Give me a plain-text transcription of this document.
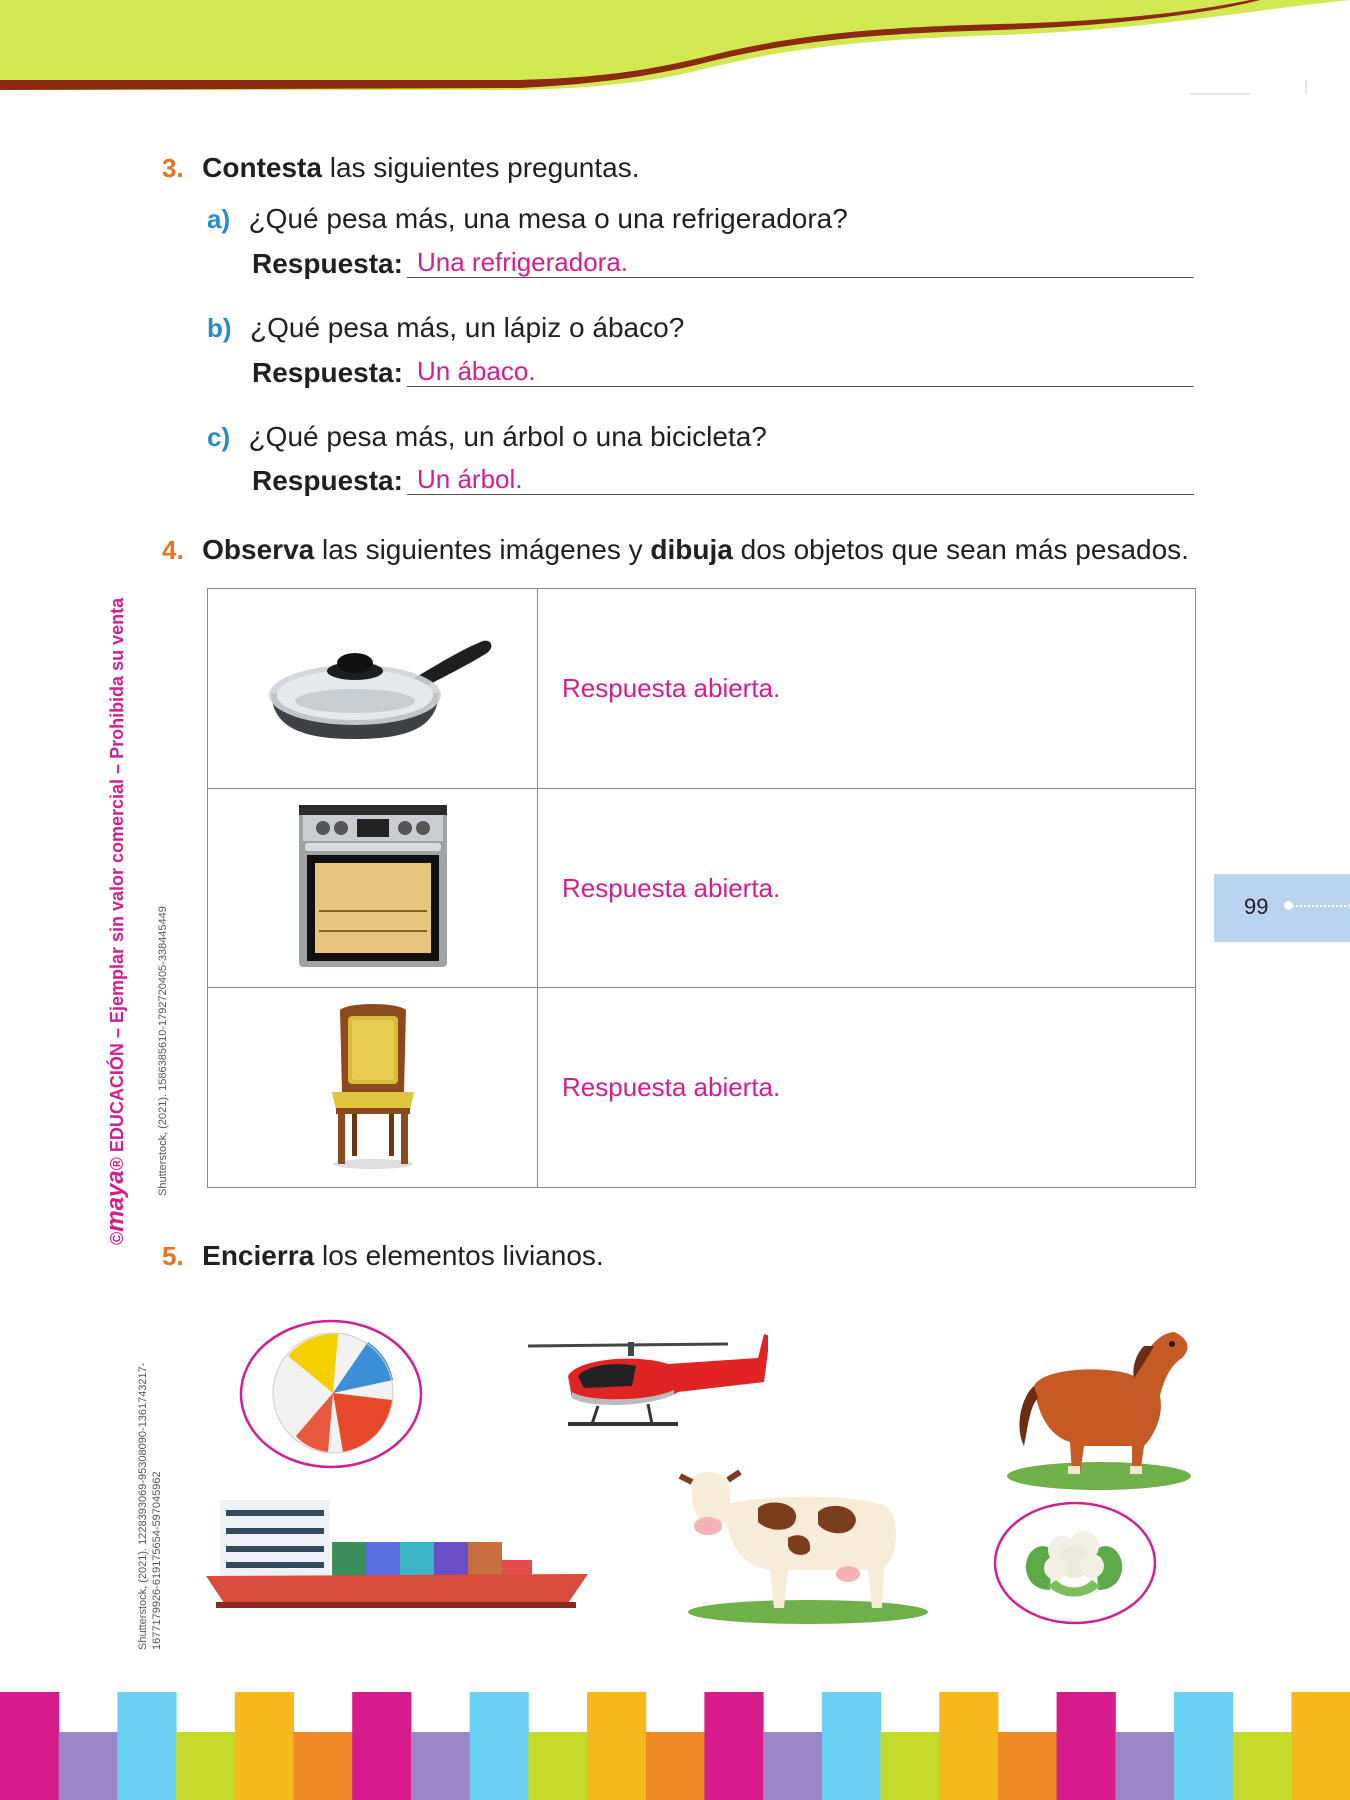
©maya® EDUCACIÓN – Ejemplar sin valor comercial – Prohibida su venta	Shutterstock, (2021). 1586385610-1792720405-338445449
Shutterstock, (2021). 1228393069-95308090-1361743217- 1677179926-619175654-597045962
3. Contesta las siguientes preguntas.
a) ¿Qué pesa más, una mesa o una refrigeradora?
Respuesta: Una refrigeradora.
b) ¿Qué pesa más, un lápiz o ábaco?
Respuesta: Un ábaco.
c) ¿Qué pesa más, un árbol o una bicicleta?
Respuesta: Un árbol.
4. Observa las siguientes imágenes y dibuja dos objetos que sean más pesados.
	Respuesta abierta.
	Respuesta abierta.
	Respuesta abierta.
5. Encierra los elementos livianos.
99
